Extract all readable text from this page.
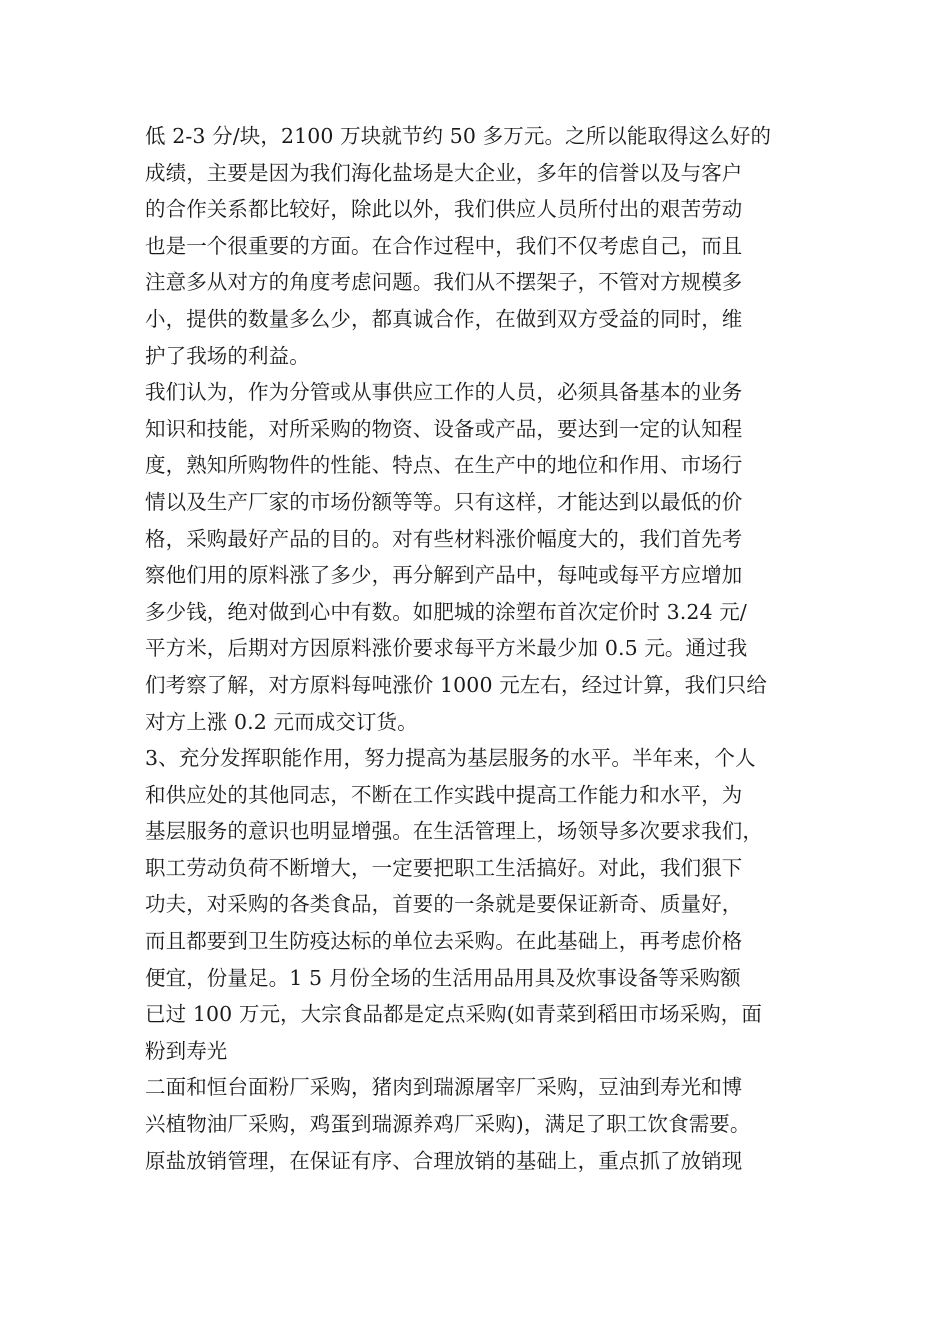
低 2-3 分/块，2100 万块就节约 50 多万元。之所以能取得这么好的
成绩，主要是因为我们海化盐场是大企业，多年的信誉以及与客户
的合作关系都比较好，除此以外，我们供应人员所付出的艰苦劳动
也是一个很重要的方面。在合作过程中，我们不仅考虑自己，而且
注意多从对方的角度考虑问题。我们从不摆架子，不管对方规模多
小，提供的数量多么少，都真诚合作，在做到双方受益的同时，维
护了我场的利益。
我们认为，作为分管或从事供应工作的人员，必须具备基本的业务
知识和技能，对所采购的物资、设备或产品，要达到一定的认知程
度，熟知所购物件的性能、特点、在生产中的地位和作用、市场行
情以及生产厂家的市场份额等等。只有这样，才能达到以最低的价
格，采购最好产品的目的。对有些材料涨价幅度大的，我们首先考
察他们用的原料涨了多少，再分解到产品中，每吨或每平方应增加
多少钱，绝对做到心中有数。如肥城的涂塑布首次定价时 3.24 元/
平方米，后期对方因原料涨价要求每平方米最少加 0.5 元。通过我
们考察了解，对方原料每吨涨价 1000 元左右，经过计算，我们只给
对方上涨 0.2 元而成交订货。
3、充分发挥职能作用，努力提高为基层服务的水平。半年来，个人
和供应处的其他同志，不断在工作实践中提高工作能力和水平，为
基层服务的意识也明显增强。在生活管理上，场领导多次要求我们，
职工劳动负荷不断增大，一定要把职工生活搞好。对此，我们狠下
功夫，对采购的各类食品，首要的一条就是要保证新奇、质量好，
而且都要到卫生防疫达标的单位去采购。在此基础上，再考虑价格
便宜，份量足。1 5 月份全场的生活用品用具及炊事设备等采购额
已过 100 万元，大宗食品都是定点采购(如青菜到稻田市场采购，面
粉到寿光
二面和恒台面粉厂采购，猪肉到瑞源屠宰厂采购，豆油到寿光和博
兴植物油厂采购，鸡蛋到瑞源养鸡厂采购)，满足了职工饮食需要。
原盐放销管理，在保证有序、合理放销的基础上，重点抓了放销现
